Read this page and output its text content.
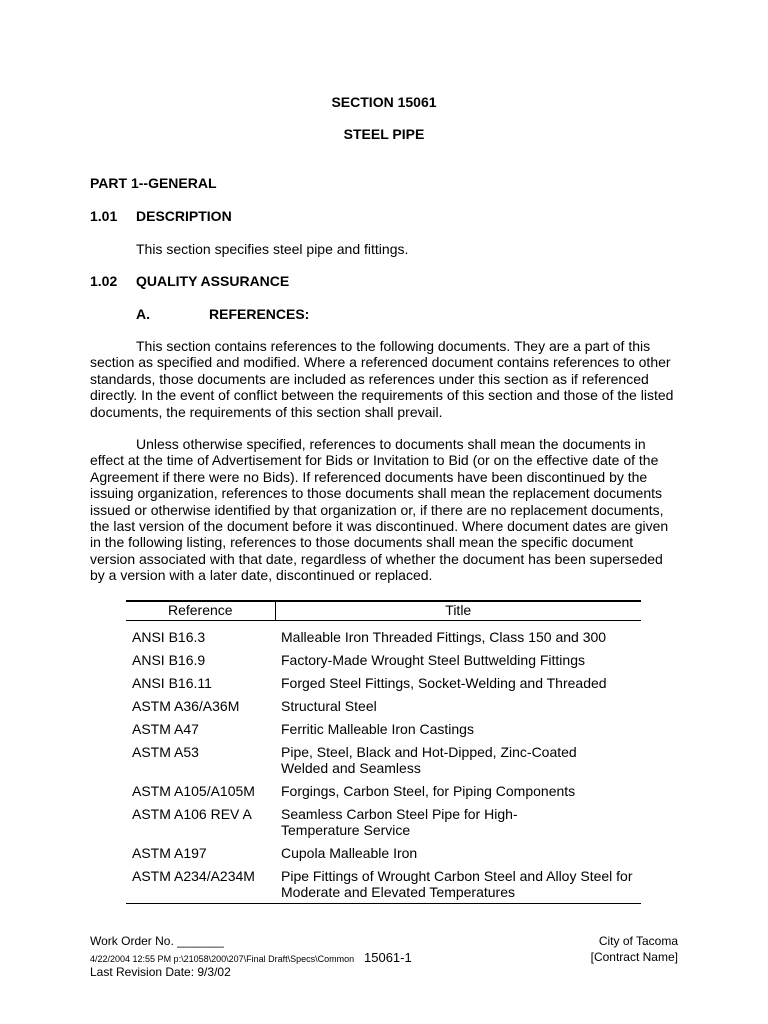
SECTION 15061
STEEL PIPE
PART 1--GENERAL
1.01 DESCRIPTION
This section specifies steel pipe and fittings.
1.02 QUALITY ASSURANCE
A.	REFERENCES:

This section contains references to the following documents. They are a part of this section as specified and modified. Where a referenced document contains references to other standards, those documents are included as references under this section as if referenced directly. In the event of conflict between the requirements of this section and those of the listed documents, the requirements of this section shall prevail.

Unless otherwise specified, references to documents shall mean the documents in effect at the time of Advertisement for Bids or Invitation to Bid (or on the effective date of the Agreement if there were no Bids). If referenced documents have been discontinued by the issuing organization, references to those documents shall mean the replacement documents issued or otherwise identified by that organization or, if there are no replacement documents, the last version of the document before it was discontinued. Where document dates are given in the following listing, references to those documents shall mean the specific document version associated with that date, regardless of whether the document has been superseded by a version with a later date, discontinued or replaced.

Reference	Title
ANSI B16.3	Malleable Iron Threaded Fittings, Class 150 and 300
ANSI B16.9	Factory-Made Wrought Steel Buttwelding Fittings
ANSI B16.11	Forged Steel Fittings, Socket-Welding and Threaded
ASTM A36/A36M	Structural Steel
ASTM A47	Ferritic Malleable Iron Castings
ASTM A53	Pipe, Steel, Black and Hot-Dipped, Zinc-Coated Welded and Seamless

ASTM A105/A105M	Forgings, Carbon Steel, for Piping Components
ASTM A106 REV A	Seamless Carbon Steel Pipe for High-Temperature Service

ASTM A197	Cupola Malleable Iron
ASTM A234/A234M	Pipe Fittings of Wrought Carbon Steel and Alloy Steel for Moderate and Elevated Temperatures
Work Order No. _______
4/22/2004 12:55 PM p:\21058\200\207\Final Draft\Specs\Common
Last Revision Date: 9/3/02
15061-1
City of Tacoma
[Contract Name]
